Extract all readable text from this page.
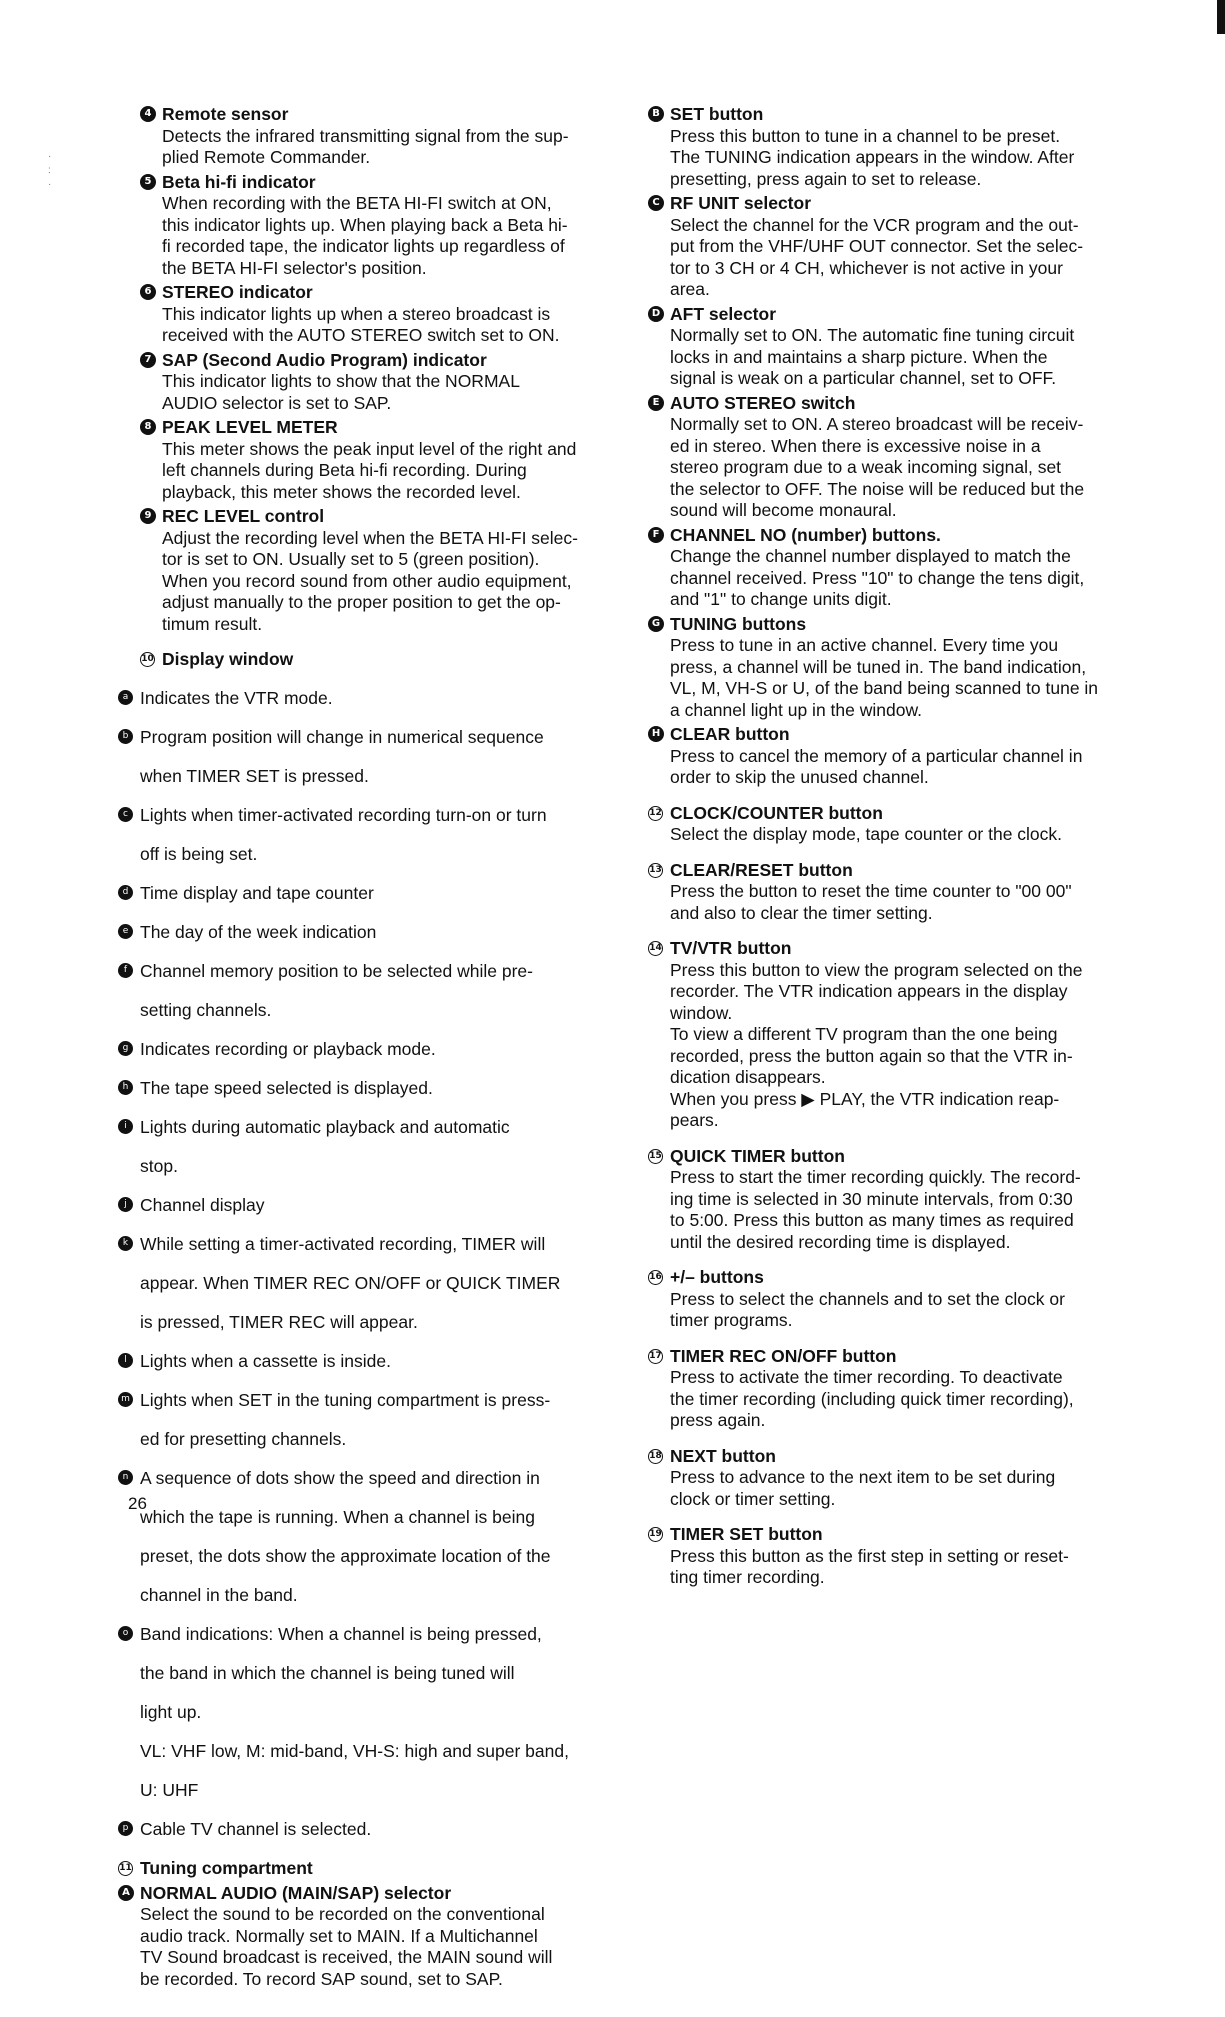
·
:
·
4 Remote sensor

Detects the infrared transmitting signal from the sup-

plied Remote Commander.

5 Beta hi-fi indicator

When recording with the BETA HI-FI switch at ON,

this indicator lights up. When playing back a Beta hi-

fi recorded tape, the indicator lights up regardless of

the BETA HI-FI selector's position.

6 STEREO indicator

This indicator lights up when a stereo broadcast is

received with the AUTO STEREO switch set to ON.

7 SAP (Second Audio Program) indicator

This indicator lights to show that the NORMAL

AUDIO selector is set to SAP.

8 PEAK LEVEL METER

This meter shows the peak input level of the right and

left channels during Beta hi-fi recording. During

playback, this meter shows the recorded level.

9 REC LEVEL control

Adjust the recording level when the BETA HI-FI selec-

tor is set to ON. Usually set to 5 (green position).

When you record sound from other audio equipment,

adjust manually to the proper position to get the op-

timum result.

10 Display window
a Indicates the VTR mode.

b Program position will change in numerical sequence

when TIMER SET is pressed.

c Lights when timer-activated recording turn-on or turn

off is being set.

d Time display and tape counter

e The day of the week indication

f Channel memory position to be selected while pre-

setting channels.

g Indicates recording or playback mode.

h The tape speed selected is displayed.

i Lights during automatic playback and automatic

stop.

j Channel display

k While setting a timer-activated recording, TIMER will

appear. When TIMER REC ON/OFF or QUICK TIMER

is pressed, TIMER REC will appear.

l Lights when a cassette is inside.

m Lights when SET in the tuning compartment is press-

ed for presetting channels.

n A sequence of dots show the speed and direction in

which the tape is running. When a channel is being

preset, the dots show the approximate location of the

channel in the band.

o Band indications: When a channel is being pressed,

the band in which the channel is being tuned will

light up.

VL: VHF low, M: mid-band, VH-S: high and super band,

U: UHF

p Cable TV channel is selected.

11 Tuning compartment
A NORMAL AUDIO (MAIN/SAP) selector

Select the sound to be recorded on the conventional

audio track. Normally set to MAIN. If a Multichannel

TV Sound broadcast is received, the MAIN sound will

be recorded. To record SAP sound, set to SAP.

B SET button

Press this button to tune in a channel to be preset.

The TUNING indication appears in the window. After

presetting, press again to set to release.

C RF UNIT selector

Select the channel for the VCR program and the out-

put from the VHF/UHF OUT connector. Set the selec-

tor to 3 CH or 4 CH, whichever is not active in your

area.

D AFT selector

Normally set to ON. The automatic fine tuning circuit

locks in and maintains a sharp picture. When the

signal is weak on a particular channel, set to OFF.

E AUTO STEREO switch

Normally set to ON. A stereo broadcast will be receiv-

ed in stereo. When there is excessive noise in a

stereo program due to a weak incoming signal, set

the selector to OFF. The noise will be reduced but the

sound will become monaural.

F CHANNEL NO (number) buttons.

Change the channel number displayed to match the

channel received. Press "10" to change the tens digit,

and "1" to change units digit.

G TUNING buttons

Press to tune in an active channel. Every time you

press, a channel will be tuned in. The band indication,

VL, M, VH-S or U, of the band being scanned to tune in

a channel light up in the window.

H CLEAR button

Press to cancel the memory of a particular channel in

order to skip the unused channel.

12 CLOCK/COUNTER button

Select the display mode, tape counter or the clock.

13 CLEAR/RESET button

Press the button to reset the time counter to "00 00"

and also to clear the timer setting.

14 TV/VTR button

Press this button to view the program selected on the

recorder. The VTR indication appears in the display

window.

To view a different TV program than the one being

recorded, press the button again so that the VTR in-

dication disappears.

When you press ▶ PLAY, the VTR indication reap-

pears.

15 QUICK TIMER button

Press to start the timer recording quickly. The record-

ing time is selected in 30 minute intervals, from 0:30

to 5:00. Press this button as many times as required

until the desired recording time is displayed.

16 +/– buttons

Press to select the channels and to set the clock or

timer programs.

17 TIMER REC ON/OFF button

Press to activate the timer recording. To deactivate

the timer recording (including quick timer recording),

press again.

18 NEXT button

Press to advance to the next item to be set during

clock or timer setting.

19 TIMER SET button

Press this button as the first step in setting or reset-

ting timer recording.

26
